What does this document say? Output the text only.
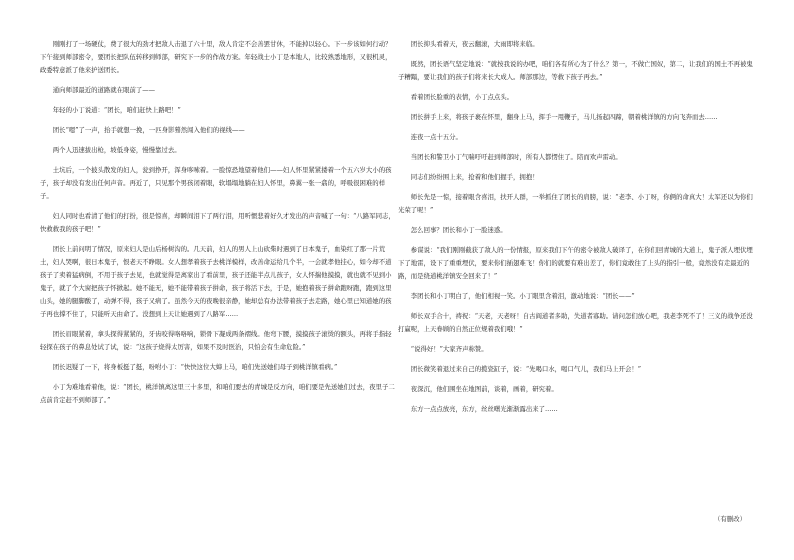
刚刚打了一场硬仗，费了很大的劲才把敌人击退了六十里，敌人肯定不会善罢甘休，不能掉以轻心。下一步该如何行动？下午接到师部密令，要团长把队伍转移到师部，研究下一步的作战方案。年轻战士小丁是本地人，比较熟悉地形，又很机灵，政委特意派了他来护送团长。

通向师部最近的道路就在眼前了——

年轻的小丁说道：“团长，咱们赶快上路吧！”

团长“嗯”了一声，抬手就想一挽，一匹身影蓦然闯入他们的视线——

两个人迅速拔出枪，坡低身姿，慢慢靠过去。

土坑后，一个披头散发的妇人，瓮到挣开，浑身哆嗦着。一脸惊恐地望着他们——妇人怀里紧紧搂着一个五六岁大小的孩子，孩子却没有发出任何声音。再近了，只见那个男孩闭着眼，软塌塌地躺在妇人怀里，鼻翼一张一翕的，呼吸很困难的样子。

妇人同时也看清了他们的打扮，很是惊喜，却瞬间泪下了两行泪，用听惯悲着好久才发出的声音喊了一句：“八路军同志，快救救我的孩子吧！”

团长上前问明了情况，原来妇人是山后杨树沟的。几天前，妇人的男人上山砍柴时遇到了日本鬼子，血染红了那一片荒土，妇人哭啊，很日本鬼子，恨老天不睁眼。女人想孝着孩子去桃洋模样，改善命运给几个半，一会就孝他挂心，如今却不道孩子了卖着猛病倒，不用于孩子去见，也就觉得是离家出了看前里，孩子还能半点儿孩子，女人怀揣他摸摸，就也就不见到小鬼子，就了个大窗把孩子怀掀起。她不能无，她不能带着孩子拼命，孩子将活下去，于是，她抱着孩子拼命跑呀跑，跑到这里山头，她的腿脚酸了，动弹不得，孩子又病了。虽然今天的夜晚很亲静，她却总有办法带着孩子去走路，她心里已知道她的孩子再也撑不住了，只能听天由命了。没想到上天让她遇到了八路军……

团长眉眼紧着，拿头探得紧紧的，牙齿咬得咯咯响，锁骨下凝成两条褶线。他弯下腰，摸摸孩子滚烫的额头，再将手指轻轻探在孩子的鼻息处试了试，说：“这孩子烧得太厉害，如果不及时医治，只怕会有生命危险。”

团长迟疑了一下，将身板挺了挺，吩咐小丁：“快快这位大婶上马，咱们先送她们母子到桃洋镇看病。”

小丁为难地看着他，说：“团长，桃洋镇离这里三十多里，和咱们要去的青城是反方向，咱们要是先送她们过去，夜里子二点前肯定赶不到师部了。”

团长抑头看着天，夜云翻滚，大雨即将来临。

既然，团长语气坚定地说：“就按我说的办吧，咱们各有所心为了什么？第一，不做亡国奴，第二，让我们的国土不再被鬼子糟蹋，要让我们的孩子们将来长大成人。师部那边，等救下孩子再去。”

看着团长脸重的表情，小丁点点头。

团长拼手上来，将孩子裹在怀里，翻身上马，挥手一甩鞭子，马儿扬起四蹄，朝着桃洋镇的方向飞奔而去……

连夜一点十五分。

当团长和警卫小丁气喘吁吁赶到师部时，所有人都愣住了。陪而欢声雷动。

同志们纷纷围上来，抢着和他们握手，拥抱！

师长先是一惊，接着眼含喜泪，扶开人群，一举抓住了团长的肩膀，说：“老李、小丁呀，你俩的命真大！太军还以为你们光荣了呢！”

怎么回事？团长和小丁一脸迷惑。

参谋说：“我们刚刚截获了敌人的一份情报，原来我们下午的密令被敌人破译了，在你们回青城的大道上，鬼子派人埋伏埋下了地雷，设下了重重埋伏，要来你们插翅难飞！你们的就要有难出差了，你们竟敢往了上头的指引一般，竟然没有走最近的路，而是绕道桃洋镇安全回来了！”

李团长和小丁明白了，他们相视一笑。小丁眼里含着泪，激动地说：“团长——”

师长双手合十，祷祝：“天老，天老呀！自古阎道者多助，失道者寡助。请问怎们放心吧，我老李死不了！三义的战争还没打赢呢，上天眷顾的自然正位规着我们哦！”

“说得好！”大家齐声称赞。

团长微笑着退过来自己的揽瓷缸子，说：“先喝口水，喝口气儿，我们马上开会！”

夜深沉，他们围坐在地图前，谈着，画着，研究着。

东方一点点放亮，东方，丝丝曙光渐渐露出来了……

（有删改）
